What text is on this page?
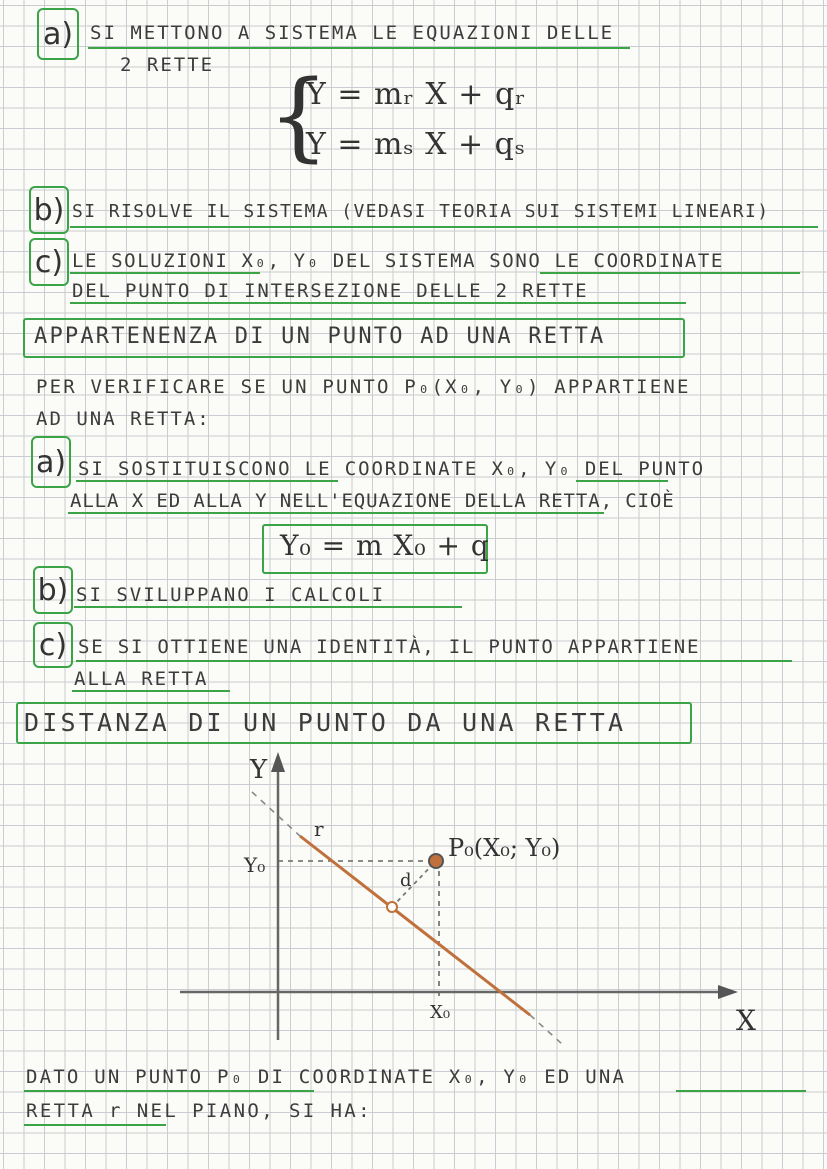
a) SI METTONO A SISTEMA LE EQUAZIONI DELLE
2 RETTE {
Y = mᵣ X + qᵣ
Y = mₛ X + qₛ
b) SI RISOLVE IL SISTEMA (VEDASI TEORIA SUI SISTEMI LINEARI)
c) LE SOLUZIONI X₀, Y₀ DEL SISTEMA SONO LE COORDINATE
DEL PUNTO DI INTERSEZIONE DELLE 2 RETTE
APPARTENENZA DI UN PUNTO AD UNA RETTA
PER VERIFICARE SE UN PUNTO P₀(X₀, Y₀) APPARTIENE
AD UNA RETTA:
a) SI SOSTITUISCONO LE COORDINATE X₀, Y₀ DEL PUNTO
ALLA X ED ALLA Y NELL'EQUAZIONE DELLA RETTA, CIOÈ
Y₀ = m X₀ + q
b) SI SVILUPPANO I CALCOLI
c) SE SI OTTIENE UNA IDENTITÀ, IL PUNTO APPARTIENE
ALLA RETTA
DISTANZA DI UN PUNTO DA UNA RETTA
Y
X
Y₀
X₀
r
P₀(X₀; Y₀)
d
DATO UN PUNTO P₀ DI COORDINATE X₀, Y₀ ED UNA
RETTA r NEL PIANO, SI HA:
